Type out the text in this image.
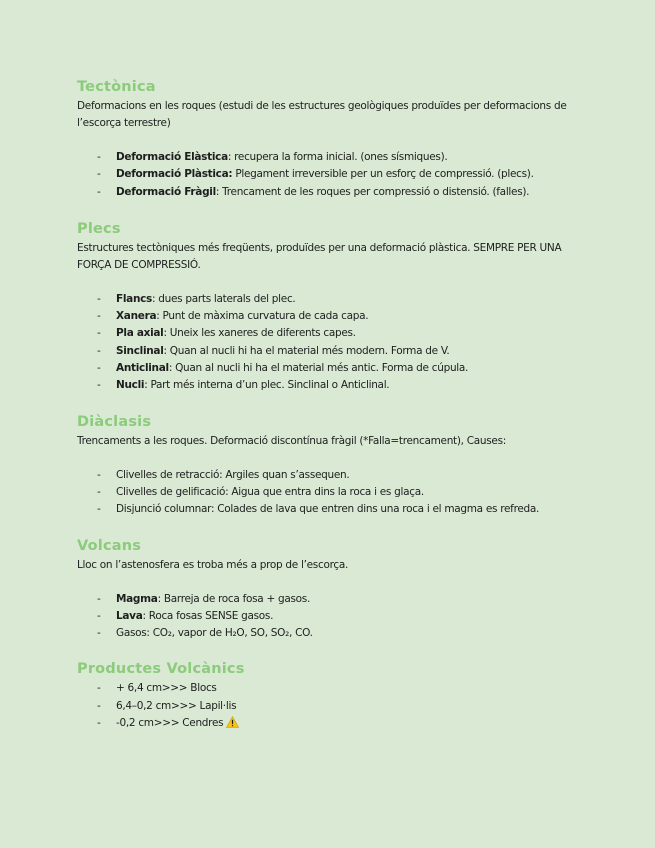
Tectònica

Deformacions en les roques (estudi de les estructures geològiques produïdes per deformacions de l’escorça terrestre)

- Deformació Elàstica: recupera la forma inicial. (ones sísmiques).
- Deformació Plàstica: Plegament irreversible per un esforç de compressió. (plecs).
- Deformació Fràgil: Trencament de les roques per compressió o distensió. (falles).
Plecs

Estructures tectòniques més freqüents, produïdes per una deformació plàstica. SEMPRE PER UNA FORÇA DE COMPRESSIÓ.

- Flancs: dues parts laterals del plec.
- Xanera: Punt de màxima curvatura de cada capa.
- Pla axial: Uneix les xaneres de diferents capes.
- Sinclinal: Quan al nucli hi ha el material més modern. Forma de V.
- Anticlinal: Quan al nucli hi ha el material més antic. Forma de cúpula.
- Nucli: Part més interna d’un plec. Sinclinal o Anticlinal.
Diàclasis

Trencaments a les roques. Deformació discontínua fràgil (*Falla=trencament), Causes:

- Clivelles de retracció: Argiles quan s’assequen.
- Clivelles de gelificació: Aigua que entra dins la roca i es glaça.
- Disjunció columnar: Colades de lava que entren dins una roca i el magma es refreda.
Volcans

Lloc on l’astenosfera es troba més a prop de l’escorça.

- Magma: Barreja de roca fosa + gasos.
- Lava: Roca fosas SENSE gasos.
- Gasos: CO₂, vapor de H₂O, SO, SO₂, CO.
Productes Volcànics
- + 6,4 cm>>> Blocs
- 6,4–0,2 cm>>> Lapil·lis
- -0,2 cm>>> Cendres
